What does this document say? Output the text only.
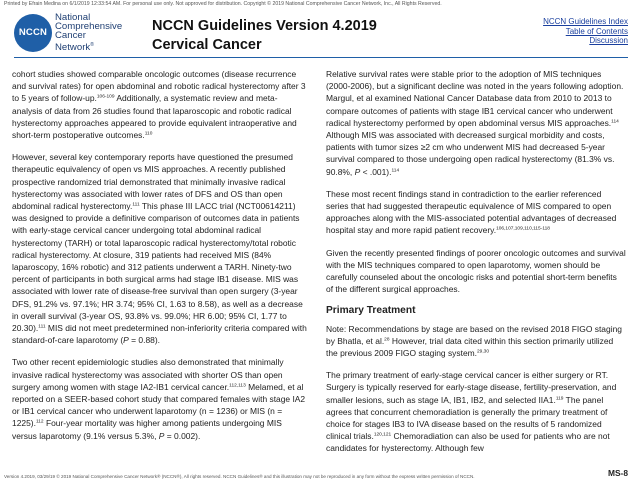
Printed by Efrain Medina on 6/1/2019 12:33:54 AM. For personal use only. Not approved for distribution. Copyright © 2019 National Comprehensive Cancer Network, Inc., All Rights Reserved.
NCCN
National
Comprehensive
Cancer
Network®
NCCN Guidelines Version 4.2019
Cervical Cancer
NCCN Guidelines Index
Table of Contents
Discussion

cohort studies showed comparable oncologic outcomes (disease recurrence and survival rates) for open abdominal and robotic radical hysterectomy after 3 to 5 years of follow-up.$^{106-109}$ Additionally, a systematic review and meta-analysis of data from 26 studies found that laparoscopic and robotic radical hysterectomy approaches appeared to provide equivalent intraoperative and short-term postoperative outcomes.$^{110}$

However, several key contemporary reports have questioned the presumed therapeutic equivalency of open vs MIS approaches. A recently published prospective randomized trial demonstrated that minimally invasive radical hysterectomy was associated with lower rates of DFS and OS than open abdominal radical hysterectomy.$^{111}$ This phase III LACC trial (NCT00614211) was designed to provide a definitive comparison of outcomes data in patients with early-stage cervical cancer undergoing total abdominal radical hysterectomy (TARH) or total laparoscopic radical hysterectomy/total robotic radical hysterectomy. At closure, 319 patients had received MIS (84% laparoscopy, 16% robotic) and 312 patients underwent a TARH. Ninety-two percent of participants in both surgical arms had stage IB1 disease. MIS was associated with lower rate of disease-free survival than open surgery (3-year DFS, 91.2% vs. 97.1%; HR 3.74; 95% CI, 1.63 to 8.58), as well as a decrease in overall survival (3-year OS, 93.8% vs. 99.0%; HR 6.00; 95% CI, 1.77 to 20.30).$^{111}$ MIS did not meet predetermined non-inferiority criteria compared with standard-of-care laparotomy (P = 0.88).

Two other recent epidemiologic studies also demonstrated that minimally invasive radical hysterectomy was associated with shorter OS than open surgery among women with stage IA2-IB1 cervical cancer.$^{112,113}$ Melamed, et al reported on a SEER-based cohort study that compared females with stage IA2 or IB1 cervical cancer who underwent laparotomy (n = 1236) or MIS (n = 1225).$^{112}$ Four-year mortality was higher among patients undergoing MIS versus laparotomy (9.1% versus 5.3%, P = 0.002).

Relative survival rates were stable prior to the adoption of MIS techniques (2000-2006), but a significant decline was noted in the years following adoption. Margul, et al examined National Cancer Database data from 2010 to 2013 to compare outcomes of patients with stage IB1 cervical cancer who underwent radical hysterectomy performed by open abdominal versus MIS approaches.$^{114}$ Although MIS was associated with decreased surgical morbidity and costs, patients with tumor sizes ≥2 cm who underwent MIS had decreased 5-year survival compared to those undergoing open radical hysterectomy (81.3% vs. 90.8%, P < .001).$^{114}$

These most recent findings stand in contradiction to the earlier referenced series that had suggested therapeutic equivalence of MIS compared to open approaches along with the MIS-associated potential advantages of decreased hospital stay and more rapid patient recovery.$^{106,107,109,110,115-118}$

Given the recently presented findings of poorer oncologic outcomes and survival with the MIS techniques compared to open laparotomy, women should be carefully counseled about the oncologic risks and potential short-term benefits of the different surgical approaches.

Primary Treatment

Note: Recommendations by stage are based on the revised 2018 FIGO staging by Bhatla, et al.$^{28}$ However, trial data cited within this section primarily utilized the previous 2009 FIGO staging system.$^{29,30}$

The primary treatment of early-stage cervical cancer is either surgery or RT. Surgery is typically reserved for early-stage disease, fertility-preservation, and smaller lesions, such as stage IA, IB1, IB2, and selected IIA1.$^{119}$ The panel agrees that concurrent chemoradiation is generally the primary treatment of choice for stages IB3 to IVA disease based on the results of 5 randomized clinical trials.$^{120,121}$ Chemoradiation can also be used for patients who are not candidates for hysterectomy. Although few

Version 4.2019, 03/29/19 © 2019 National Comprehensive Cancer Network® (NCCN®), All rights reserved. NCCN Guidelines® and this illustration may not be reproduced in any form without the express written permission of NCCN.	MS-8
